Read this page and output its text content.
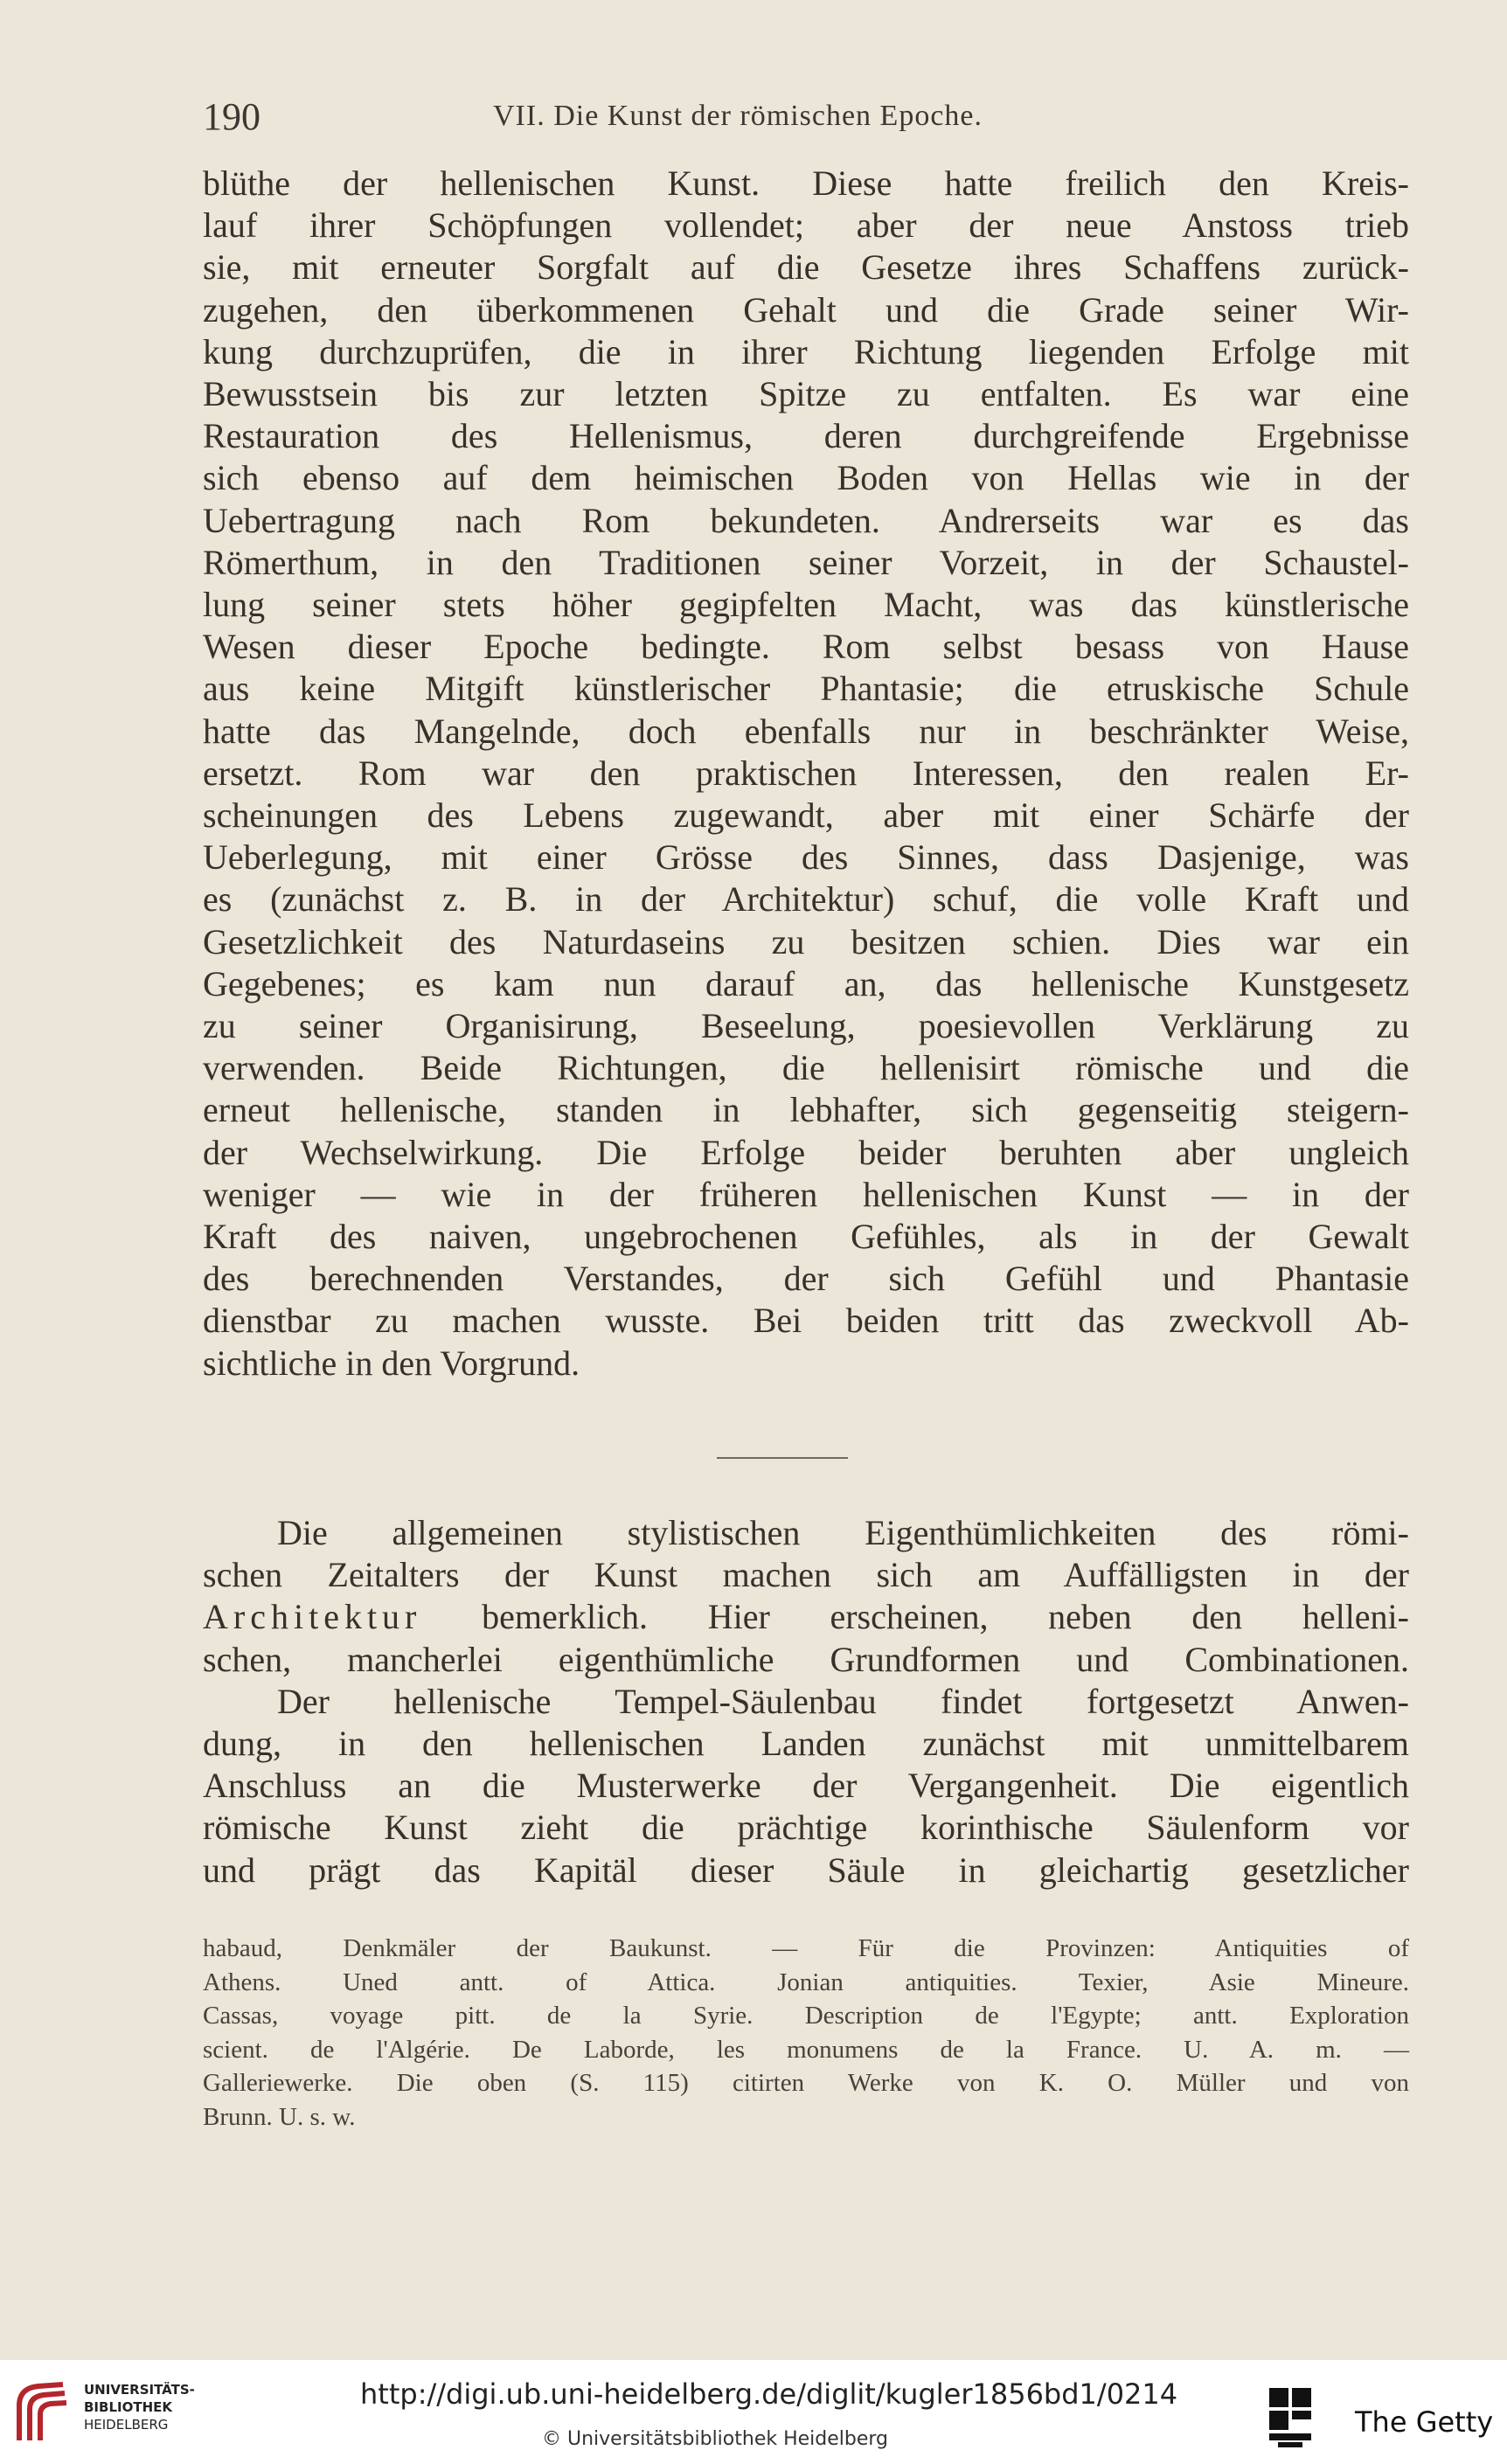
190	VII. Die Kunst der römischen Epoche.
blüthe der hellenischen Kunst. Diese hatte freilich den Kreis-
lauf ihrer Schöpfungen vollendet; aber der neue Anstoss trieb
sie, mit erneuter Sorgfalt auf die Gesetze ihres Schaffens zurück-
zugehen, den überkommenen Gehalt und die Grade seiner Wir-
kung durchzuprüfen, die in ihrer Richtung liegenden Erfolge mit
Bewusstsein bis zur letzten Spitze zu entfalten. Es war eine
Restauration des Hellenismus, deren durchgreifende Ergebnisse
sich ebenso auf dem heimischen Boden von Hellas wie in der
Uebertragung nach Rom bekundeten. Andrerseits war es das
Römerthum, in den Traditionen seiner Vorzeit, in der Schaustel-
lung seiner stets höher gegipfelten Macht, was das künstlerische
Wesen dieser Epoche bedingte. Rom selbst besass von Hause
aus keine Mitgift künstlerischer Phantasie; die etruskische Schule
hatte das Mangelnde, doch ebenfalls nur in beschränkter Weise,
ersetzt. Rom war den praktischen Interessen, den realen Er-
scheinungen des Lebens zugewandt, aber mit einer Schärfe der
Ueberlegung, mit einer Grösse des Sinnes, dass Dasjenige, was
es (zunächst z. B. in der Architektur) schuf, die volle Kraft und
Gesetzlichkeit des Naturdaseins zu besitzen schien. Dies war ein
Gegebenes; es kam nun darauf an, das hellenische Kunstgesetz
zu seiner Organisirung, Beseelung, poesievollen Verklärung zu
verwenden. Beide Richtungen, die hellenisirt römische und die
erneut hellenische, standen in lebhafter, sich gegenseitig steigern-
der Wechselwirkung. Die Erfolge beider beruhten aber ungleich
weniger — wie in der früheren hellenischen Kunst — in der
Kraft des naiven, ungebrochenen Gefühles, als in der Gewalt
des berechnenden Verstandes, der sich Gefühl und Phantasie
dienstbar zu machen wusste. Bei beiden tritt das zweckvoll Ab-
sichtliche in den Vorgrund.
Die allgemeinen stylistischen Eigenthümlichkeiten des römi-
schen Zeitalters der Kunst machen sich am Auffälligsten in der
Architektur bemerklich. Hier erscheinen, neben den helleni-
schen, mancherlei eigenthümliche Grundformen und Combinationen.
Der hellenische Tempel-Säulenbau findet fortgesetzt Anwen-
dung, in den hellenischen Landen zunächst mit unmittelbarem
Anschluss an die Musterwerke der Vergangenheit. Die eigentlich
römische Kunst zieht die prächtige korinthische Säulenform vor
und prägt das Kapitäl dieser Säule in gleichartig gesetzlicher
habaud, Denkmäler der Baukunst. — Für die Provinzen: Antiquities of
Athens. Uned antt. of Attica. Jonian antiquities. Texier, Asie Mineure.
Cassas, voyage pitt. de la Syrie. Description de l'Egypte; antt. Exploration
scient. de l'Algérie. De Laborde, les monumens de la France. U. A. m. —
Galleriewerke. Die oben (S. 115) citirten Werke von K. O. Müller und von
Brunn. U. s. w.
UNIVERSITÄTS-
BIBLIOTHEK
HEIDELBERG
http://digi.ub.uni-heidelberg.de/diglit/kugler1856bd1/0214
© Universitätsbibliothek Heidelberg
The Getty
